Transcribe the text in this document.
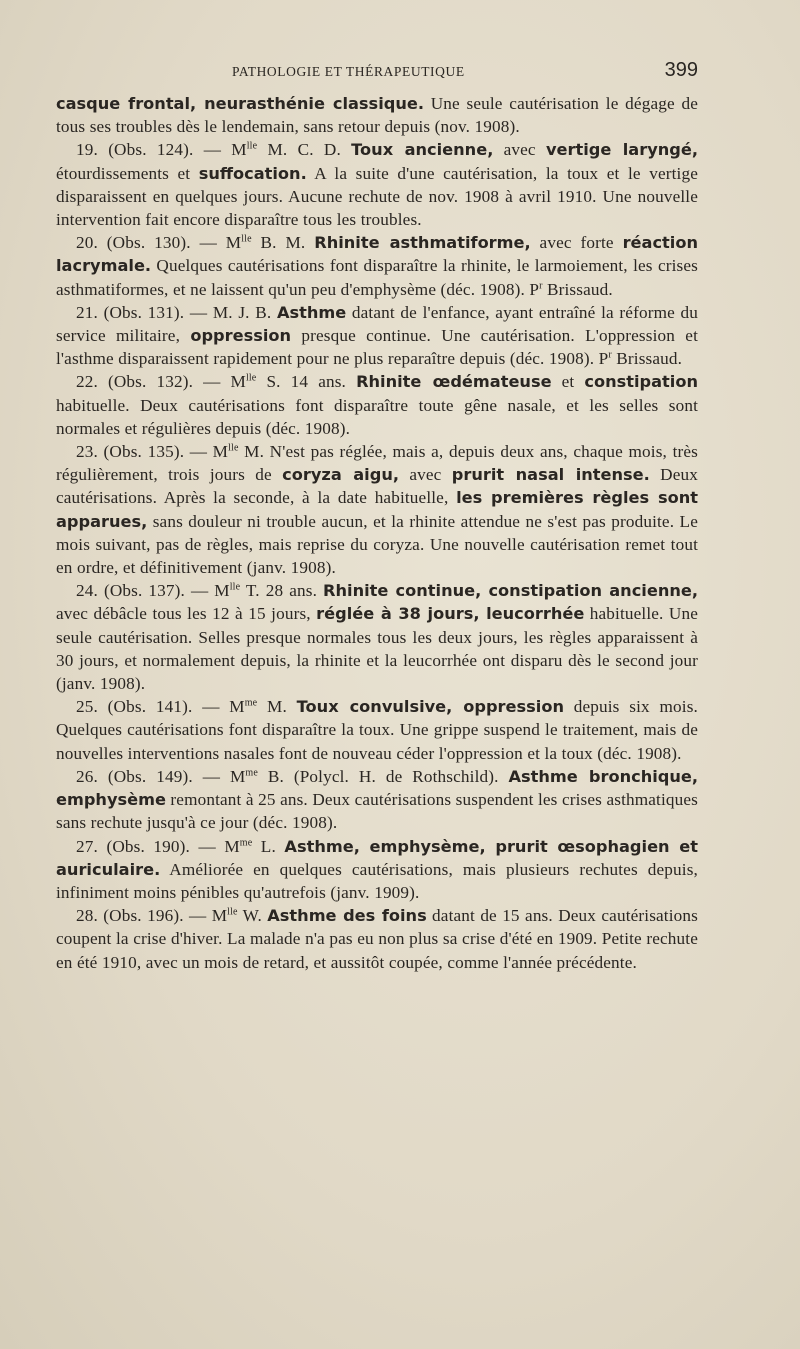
PATHOLOGIE ET THÉRAPEUTIQUE	399

casque frontal, neurasthénie classique. Une seule cautérisation le dégage de tous ses troubles dès le lendemain, sans retour depuis (nov. 1908).

19. (Obs. 124). — $M^{lle}$ M. C. D. Toux ancienne, avec vertige laryngé, étourdissements et suffocation. A la suite d'une cautérisation, la toux et le vertige disparaissent en quelques jours. Aucune rechute de nov. 1908 à avril 1910. Une nouvelle intervention fait encore disparaître tous les troubles.

20. (Obs. 130). — $M^{lle}$ B. M. Rhinite asthmatiforme, avec forte réaction lacrymale. Quelques cautérisations font disparaître la rhinite, le larmoiement, les crises asthmatiformes, et ne laissent qu'un peu d'emphysème (déc. 1908). $P^r$ Brissaud.

21. (Obs. 131). — M. J. B. Asthme datant de l'enfance, ayant entraîné la réforme du service militaire, oppression presque continue. Une cautérisation. L'oppression et l'asthme disparaissent rapidement pour ne plus reparaître depuis (déc. 1908). $P^r$ Brissaud.

22. (Obs. 132). — $M^{lle}$ S. 14 ans. Rhinite œdémateuse et constipation habituelle. Deux cautérisations font disparaître toute gêne nasale, et les selles sont normales et régulières depuis (déc. 1908).

23. (Obs. 135). — $M^{lle}$ M. N'est pas réglée, mais a, depuis deux ans, chaque mois, très régulièrement, trois jours de coryza aigu, avec prurit nasal intense. Deux cautérisations. Après la seconde, à la date habituelle, les premières règles sont apparues, sans douleur ni trouble aucun, et la rhinite attendue ne s'est pas produite. Le mois suivant, pas de règles, mais reprise du coryza. Une nouvelle cautérisation remet tout en ordre, et définitivement (janv. 1908).

24. (Obs. 137). — $M^{lle}$ T. 28 ans. Rhinite continue, constipation ancienne, avec débâcle tous les 12 à 15 jours, réglée à 38 jours, leucorrhée habituelle. Une seule cautérisation. Selles presque normales tous les deux jours, les règles apparaissent à 30 jours, et normalement depuis, la rhinite et la leucorrhée ont disparu dès le second jour (janv. 1908).

25. (Obs. 141). — $M^{me}$ M. Toux convulsive, oppression depuis six mois. Quelques cautérisations font disparaître la toux. Une grippe suspend le traitement, mais de nouvelles interventions nasales font de nouveau céder l'oppression et la toux (déc. 1908).

26. (Obs. 149). — $M^{me}$ B. (Polycl. H. de Rothschild). Asthme bronchique, emphysème remontant à 25 ans. Deux cautérisations suspendent les crises asthmatiques sans rechute jusqu'à ce jour (déc. 1908).

27. (Obs. 190). — $M^{me}$ L. Asthme, emphysème, prurit œsophagien et auriculaire. Améliorée en quelques cautérisations, mais plusieurs rechutes depuis, infiniment moins pénibles qu'autrefois (janv. 1909).

28. (Obs. 196). — $M^{lle}$ W. Asthme des foins datant de 15 ans. Deux cautérisations coupent la crise d'hiver. La malade n'a pas eu non plus sa crise d'été en 1909. Petite rechute en été 1910, avec un mois de retard, et aussitôt coupée, comme l'année précédente.
